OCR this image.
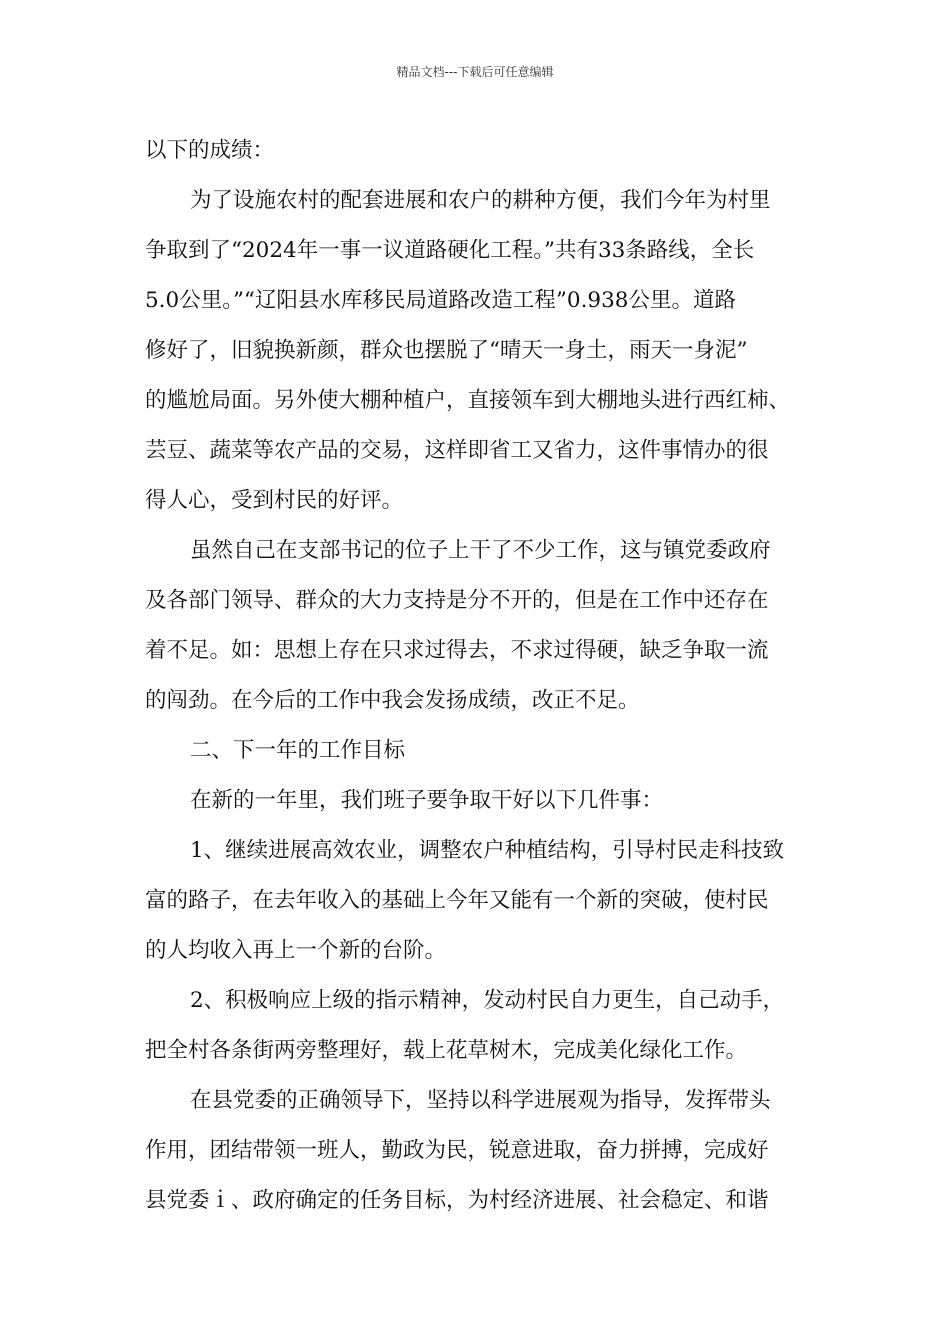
精品文档---下载后可任意编辑
以下的成绩：
为了设施农村的配套进展和农户的耕种方便，我们今年为村里
争取到了“2024年一事一议道路硬化工程。”共有33条路线，全长
5.0公里。”“辽阳县水库移民局道路改造工程”0.938公里。道路
修好了，旧貌换新颜，群众也摆脱了“晴天一身土，雨天一身泥”
的尴尬局面。另外使大棚种植户，直接领车到大棚地头进行西红柿、
芸豆、蔬菜等农产品的交易，这样即省工又省力，这件事情办的很
得人心，受到村民的好评。
虽然自己在支部书记的位子上干了不少工作，这与镇党委政府
及各部门领导、群众的大力支持是分不开的，但是在工作中还存在
着不足。如：思想上存在只求过得去，不求过得硬，缺乏争取一流
的闯劲。在今后的工作中我会发扬成绩，改正不足。
二、下一年的工作目标
在新的一年里，我们班子要争取干好以下几件事：
1、继续进展高效农业，调整农户种植结构，引导村民走科技致
富的路子，在去年收入的基础上今年又能有一个新的突破，使村民
的人均收入再上一个新的台阶。
2、积极响应上级的指示精神，发动村民自力更生，自己动手，
把全村各条街两旁整理好，载上花草树木，完成美化绿化工作。
在县党委的正确领导下，坚持以科学进展观为指导，发挥带头
作用，团结带领一班人，勤政为民，锐意进取，奋力拼搏，完成好
县党委ｉ、政府确定的任务目标，为村经济进展、社会稳定、和谐
